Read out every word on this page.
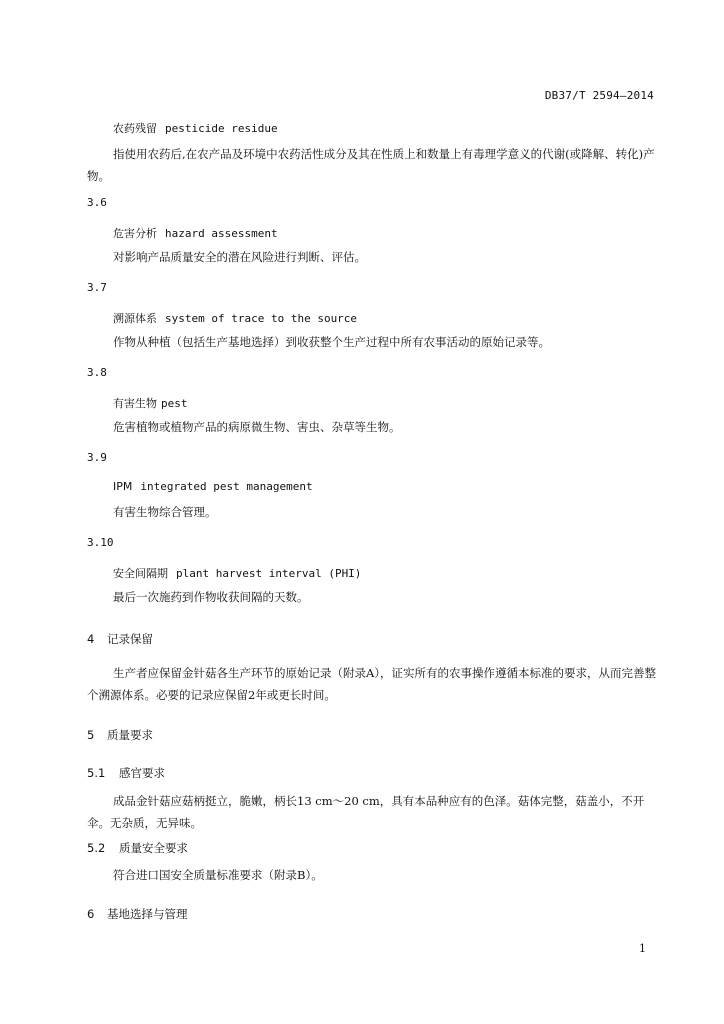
DB37/T 2594—2014
农药残留 pesticide residue
指使用农药后,在农产品及环境中农药活性成分及其在性质上和数量上有毒理学意义的代谢(或降解、转化)产物。
3.6
危害分析 hazard assessment
对影响产品质量安全的潜在风险进行判断、评估。
3.7
溯源体系 system of trace to the source
作物从种植（包括生产基地选择）到收获整个生产过程中所有农事活动的原始记录等。
3.8
有害生物 pest
危害植物或植物产品的病原微生物、害虫、杂草等生物。
3.9
IPM integrated pest management
有害生物综合管理。
3.10
安全间隔期 plant harvest interval (PHI)
最后一次施药到作物收获间隔的天数。
4 记录保留
生产者应保留金针菇各生产环节的原始记录（附录A），证实所有的农事操作遵循本标准的要求，从而完善整个溯源体系。必要的记录应保留2年或更长时间。
5 质量要求
5.1 感官要求
成品金针菇应菇柄挺立，脆嫩，柄长13 cm～20 cm，具有本品种应有的色泽。菇体完整，菇盖小，不开伞。无杂质，无异味。
5.2 质量安全要求
符合进口国安全质量标准要求（附录B）。
6 基地选择与管理
1
